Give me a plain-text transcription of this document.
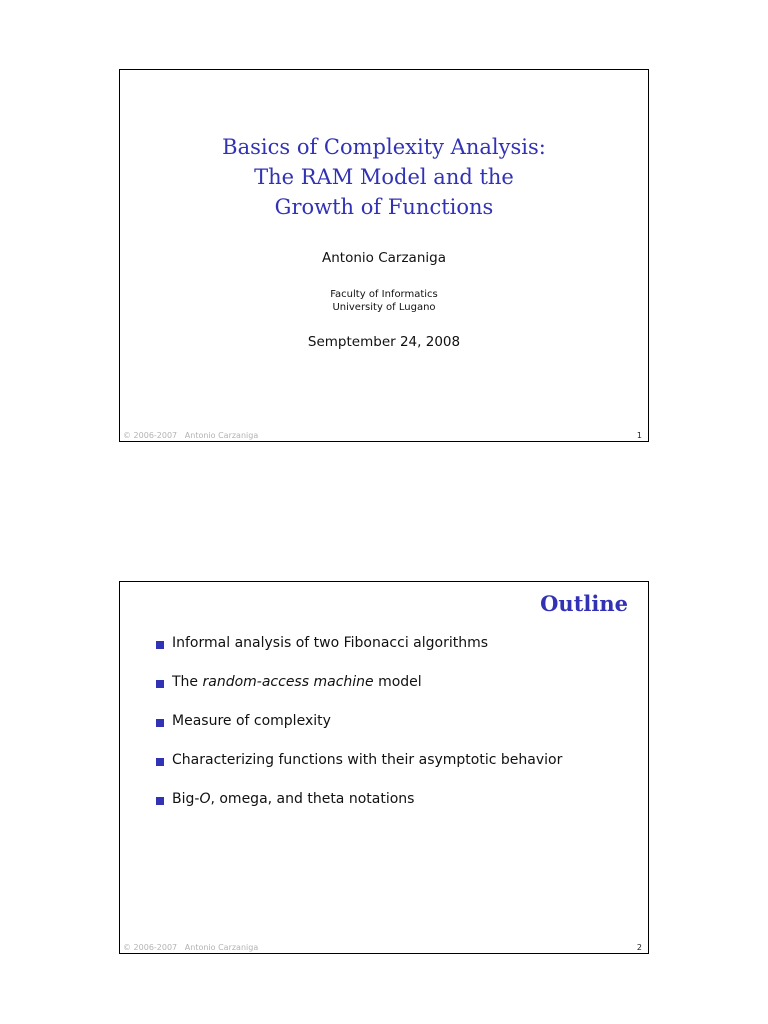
Basics of Complexity Analysis:
The RAM Model and the
Growth of Functions
Antonio Carzaniga
Faculty of Informatics
University of Lugano
Semptember 24, 2008
© 2006-2007   Antonio Carzaniga	1
Outline
Informal analysis of two Fibonacci algorithms
The random-access machine model
Measure of complexity
Characterizing functions with their asymptotic behavior
Big-O, omega, and theta notations
© 2006-2007   Antonio Carzaniga	2
